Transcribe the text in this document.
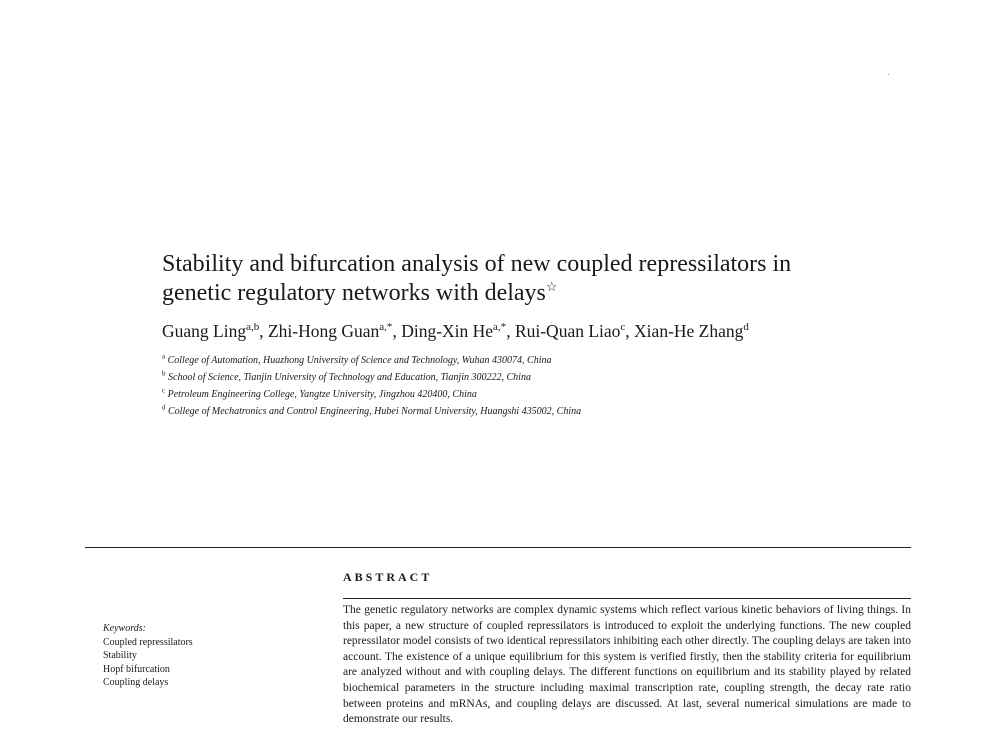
Stability and bifurcation analysis of new coupled repressilators in
genetic regulatory networks with delays☆
Guang Ling$^{a,b}$, Zhi-Hong Guan$^{a,*}$, Ding-Xin $He^{a,*}$, Rui-Quan Liao$^c$, Xian-He Zhang$^d$
$^a$ College of Automation, Huazhong University of Science and Technology, Wuhan 430074, China
$^b$ School of Science, Tianjin University of Technology and Education, Tianjin 300222, China
$^c$ Petroleum Engineering College, Yangtze University, Jingzhou 420400, China
$^d$ College of Mechatronics and Control Engineering, Hubei Normal University, Huangshi 435002, China
ABSTRACT
The genetic regulatory networks are complex dynamic systems which reflect various kinetic behaviors of living things. In this paper, a new structure of coupled repressilators is introduced to exploit the underlying functions. The new coupled repressilator model consists of two identical repressilators inhibiting each other directly. The coupling delays are taken into account. The existence of a unique equilibrium for this system is verified firstly, then the stability criteria for equilibrium are analyzed without and with coupling delays. The different functions on equilibrium and its stability played by related biochemical parameters in the structure including maximal transcription rate, coupling strength, the decay rate ratio between proteins and mRNAs, and coupling delays are discussed. At last, several numerical simulations are made to demonstrate our results.
Keywords:
Coupled repressilators
Stability
Hopf bifurcation
Coupling delays
